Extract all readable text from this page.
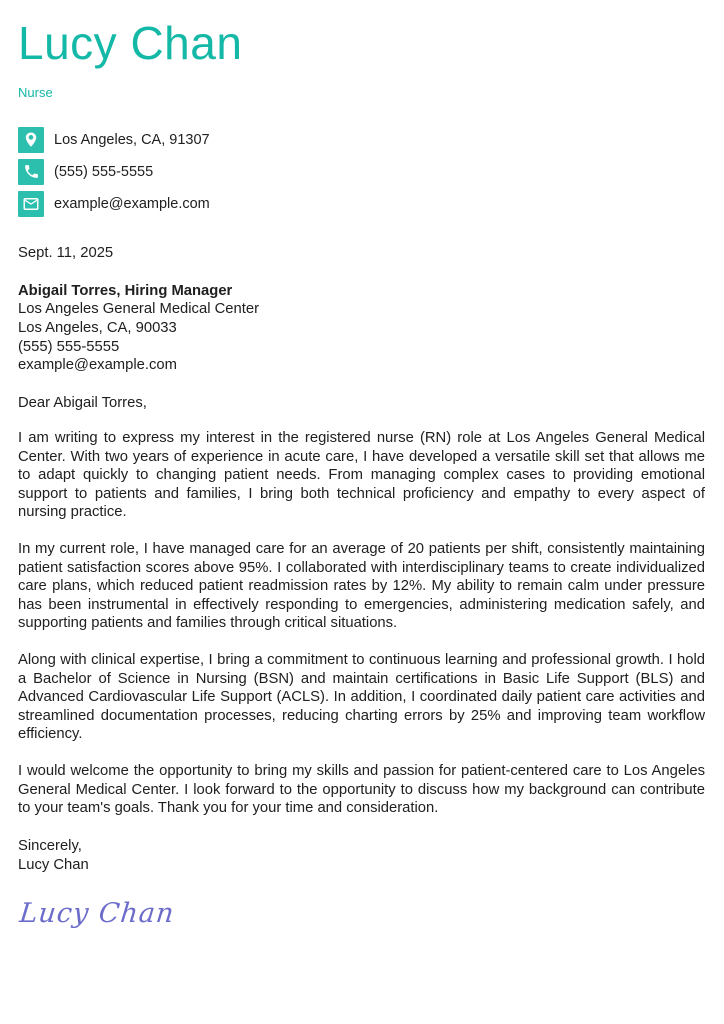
Lucy Chan
Nurse
Los Angeles, CA, 91307
(555) 555-5555
example@example.com
Sept. 11, 2025
Abigail Torres, Hiring Manager
Los Angeles General Medical Center
Los Angeles, CA, 90033
(555) 555-5555
example@example.com
Dear Abigail Torres,

I am writing to express my interest in the registered nurse (RN) role at Los Angeles General Medical Center. With two years of experience in acute care, I have developed a versatile skill set that allows me to adapt quickly to changing patient needs. From managing complex cases to providing emotional support to patients and families, I bring both technical proficiency and empathy to every aspect of nursing practice.

In my current role, I have managed care for an average of 20 patients per shift, consistently maintaining patient satisfaction scores above 95%. I collaborated with interdisciplinary teams to create individualized care plans, which reduced patient readmission rates by 12%. My ability to remain calm under pressure has been instrumental in effectively responding to emergencies, administering medication safely, and supporting patients and families through critical situations.

Along with clinical expertise, I bring a commitment to continuous learning and professional growth. I hold a Bachelor of Science in Nursing (BSN) and maintain certifications in Basic Life Support (BLS) and Advanced Cardiovascular Life Support (ACLS). In addition, I coordinated daily patient care activities and streamlined documentation processes, reducing charting errors by 25% and improving team workflow efficiency.

I would welcome the opportunity to bring my skills and passion for patient-centered care to Los Angeles General Medical Center. I look forward to the opportunity to discuss how my background can contribute to your team's goals. Thank you for your time and consideration.

Sincerely,
Lucy Chan
Lucy Chan
